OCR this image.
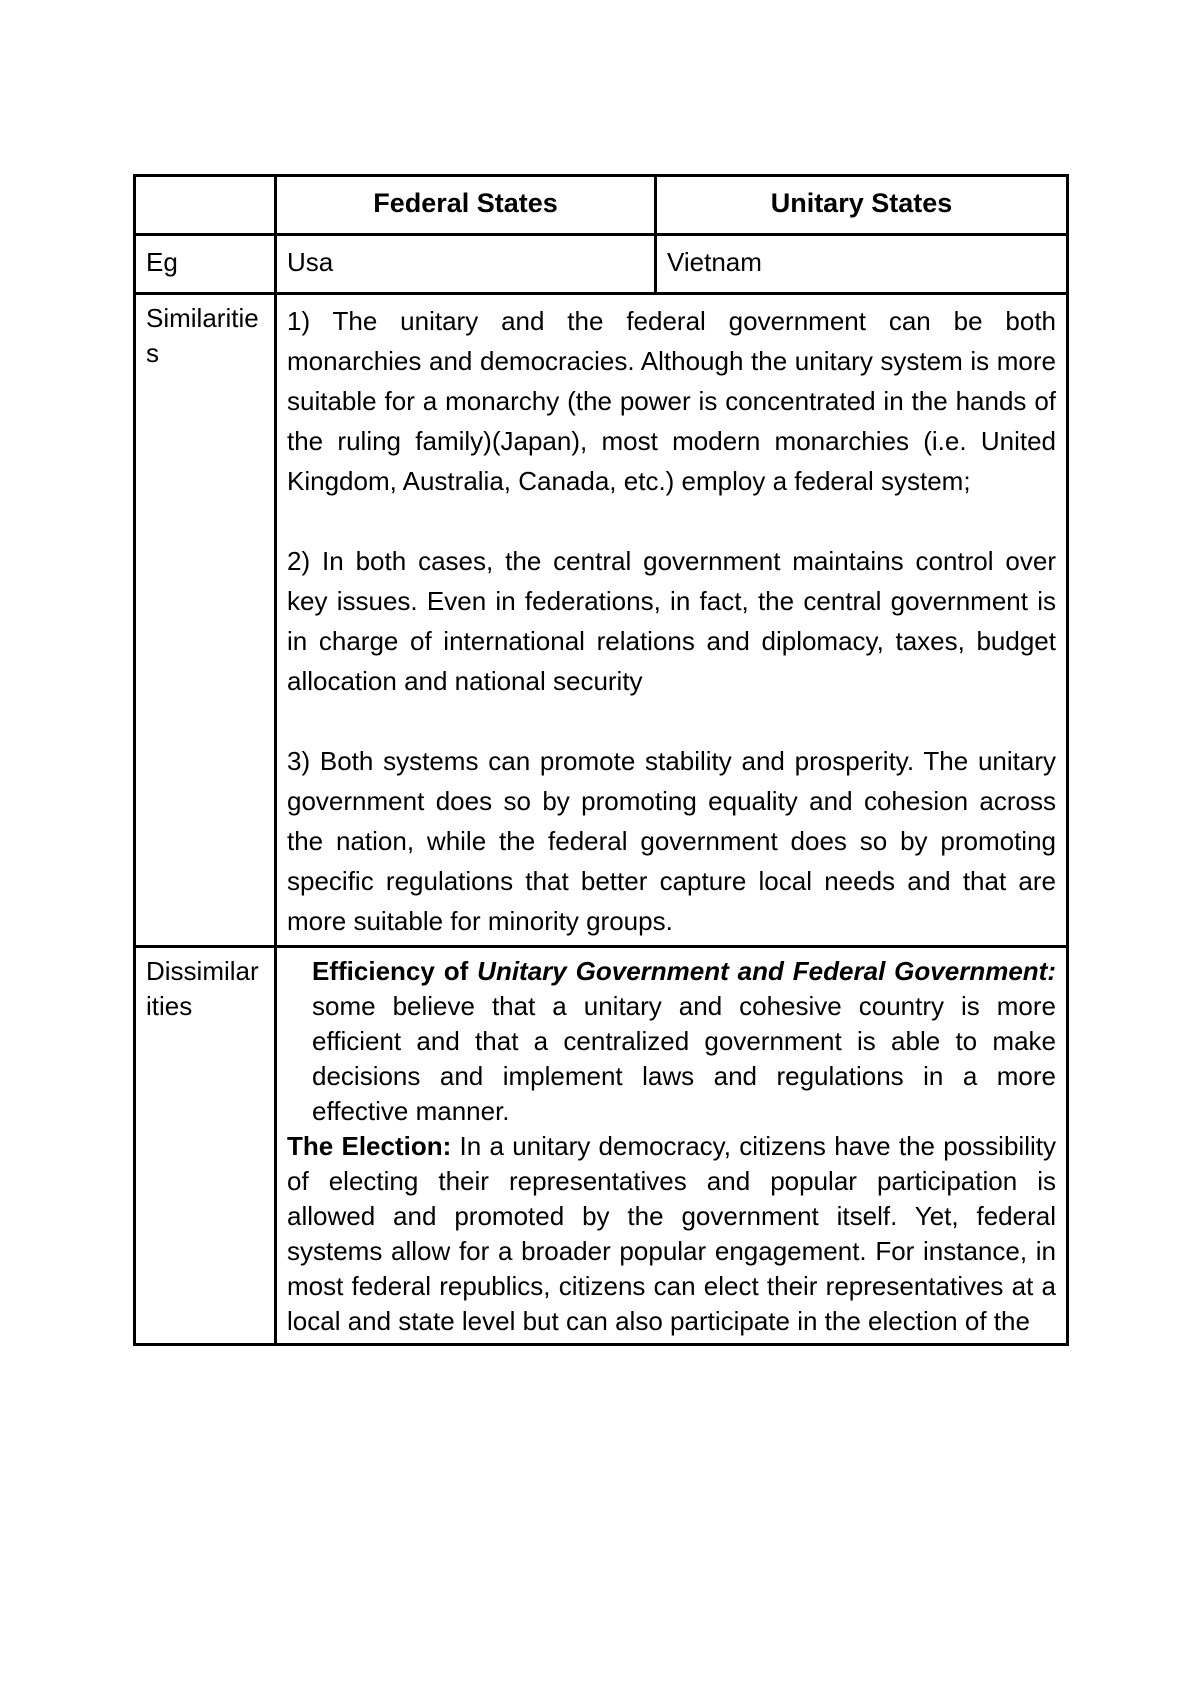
	Federal States	Unitary States
Eg	Usa	Vietnam
Similarities	1) The unitary and the federal government can be both monarchies and democracies. Although the unitary system is more suitable for a monarchy (the power is concentrated in the hands of the ruling family)(Japan), most modern monarchies (i.e. United Kingdom, Australia, Canada, etc.) employ a federal system;

2) In both cases, the central government maintains control over key issues. Even in federations, in fact, the central government is in charge of international relations and diplomacy, taxes, budget allocation and national security

3) Both systems can promote stability and prosperity. The unitary government does so by promoting equality and cohesion across the nation, while the federal government does so by promoting specific regulations that better capture local needs and that are more suitable for minority groups.	

Dissimilarities	Efficiency of Unitary Government and Federal Government: some believe that a unitary and cohesive country is more efficient and that a centralized government is able to make decisions and implement laws and regulations in a more effective manner.

The Election: In a unitary democracy, citizens have the possibility of electing their representatives and popular participation is allowed and promoted by the government itself. Yet, federal systems allow for a broader popular engagement. For instance, in most federal republics, citizens can elect their representatives at a local and state level but can also participate in the election of the	
